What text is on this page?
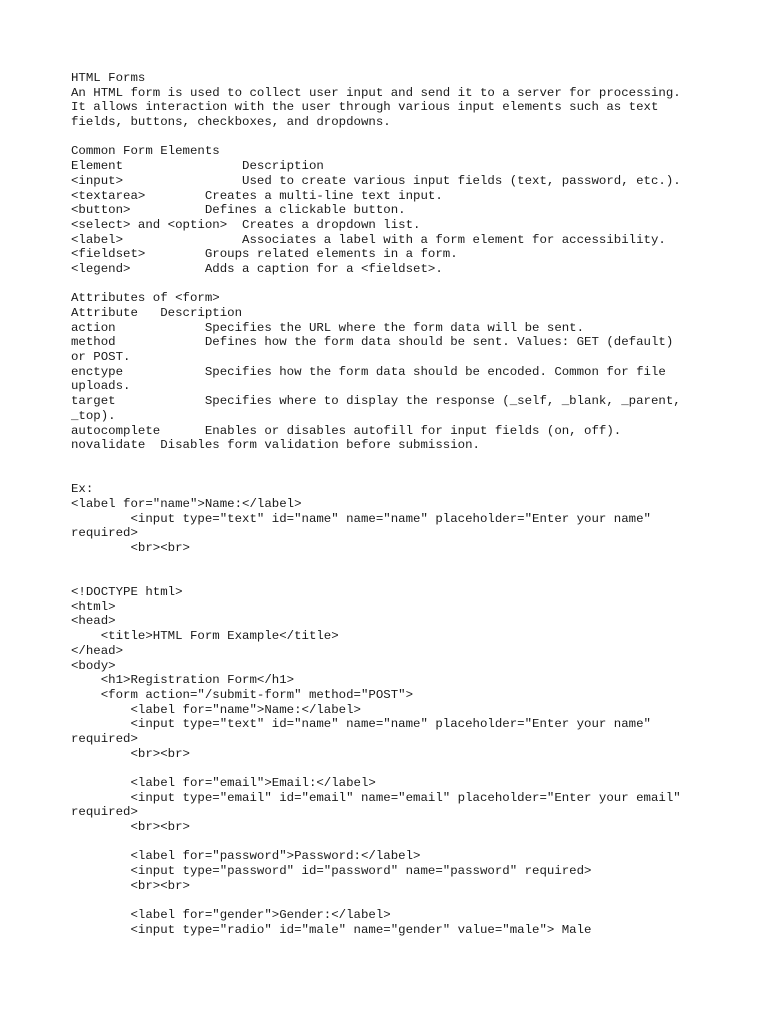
HTML Forms
An HTML form is used to collect user input and send it to a server for processing.
It allows interaction with the user through various input elements such as text
fields, buttons, checkboxes, and dropdowns.
Common Form Elements
Element                Description
<input>                Used to create various input fields (text, password, etc.).
<textarea>        Creates a multi-line text input.
<button>          Defines a clickable button.
<select> and <option>  Creates a dropdown list.
<label>                Associates a label with a form element for accessibility.
<fieldset>        Groups related elements in a form.
<legend>          Adds a caption for a <fieldset>.
Attributes of <form>
Attribute   Description
action            Specifies the URL where the form data will be sent.
method            Defines how the form data should be sent. Values: GET (default)
or POST.
enctype           Specifies how the form data should be encoded. Common for file
uploads.
target            Specifies where to display the response (_self, _blank, _parent,
_top).
autocomplete      Enables or disables autofill for input fields (on, off).
novalidate  Disables form validation before submission.
Ex:
<label for="name">Name:</label>
<input type="text" id="name" name="name" placeholder="Enter your name"
required>
<br><br>
<!DOCTYPE html>
<html>
<head>
<title>HTML Form Example</title>
</head>
<body>
<h1>Registration Form</h1>
<form action="/submit-form" method="POST">
<label for="name">Name:</label>
<input type="text" id="name" name="name" placeholder="Enter your name"
required>
<br><br>
<label for="email">Email:</label>
<input type="email" id="email" name="email" placeholder="Enter your email"
required>
<br><br>
<label for="password">Password:</label>
<input type="password" id="password" name="password" required>
<br><br>
<label for="gender">Gender:</label>
<input type="radio" id="male" name="gender" value="male"> Male
